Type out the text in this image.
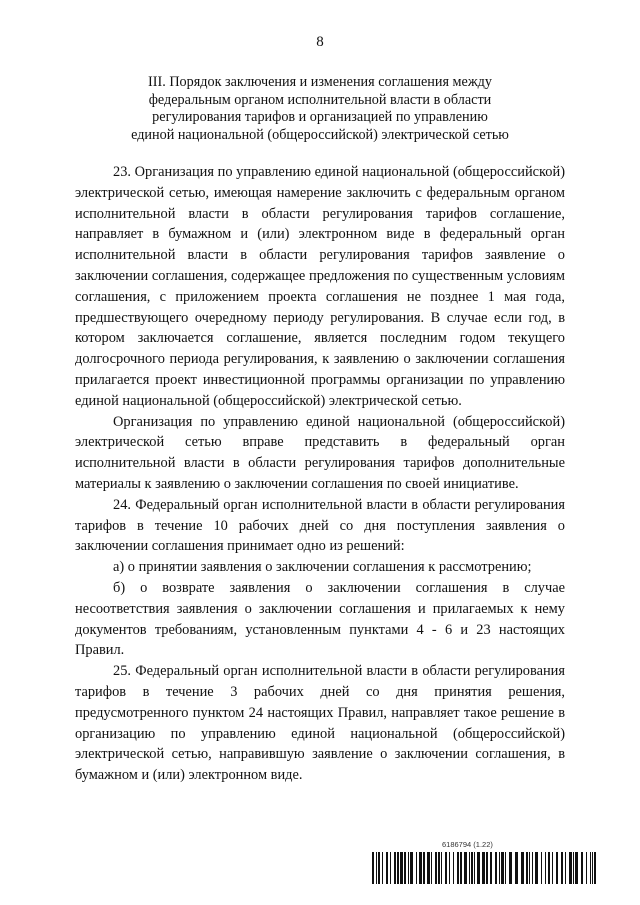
8
III. Порядок заключения и изменения соглашения между
федеральным органом исполнительной власти в области
регулирования тарифов и организацией по управлению
единой национальной (общероссийской) электрической сетью

23. Организация по управлению единой национальной (общероссийской) электрической сетью, имеющая намерение заключить с федеральным органом исполнительной власти в области регулирования тарифов соглашение, направляет в бумажном и (или) электронном виде в федеральный орган исполнительной власти в области регулирования тарифов заявление о заключении соглашения, содержащее предложения по существенным условиям соглашения, с приложением проекта соглашения не позднее 1 мая года, предшествующего очередному периоду регулирования. В случае если год, в котором заключается соглашение, является последним годом текущего долгосрочного периода регулирования, к заявлению о заключении соглашения прилагается проект инвестиционной программы организации по управлению единой национальной (общероссийской) электрической сетью.

Организация по управлению единой национальной (общероссийской) электрической сетью вправе представить в федеральный орган исполнительной власти в области регулирования тарифов дополнительные материалы к заявлению о заключении соглашения по своей инициативе.

24. Федеральный орган исполнительной власти в области регулирования тарифов в течение 10 рабочих дней со дня поступления заявления о заключении соглашения принимает одно из решений:

а) о принятии заявления о заключении соглашения к рассмотрению;

б) о возврате заявления о заключении соглашения в случае несоответствия заявления о заключении соглашения и прилагаемых к нему документов требованиям, установленным пунктами 4 - 6 и 23 настоящих Правил.

25. Федеральный орган исполнительной власти в области регулирования тарифов в течение 3 рабочих дней со дня принятия решения, предусмотренного пунктом 24 настоящих Правил, направляет такое решение в организацию по управлению единой национальной (общероссийской) электрической сетью, направившую заявление о заключении соглашения, в бумажном и (или) электронном виде.

6186794 (1.22)
